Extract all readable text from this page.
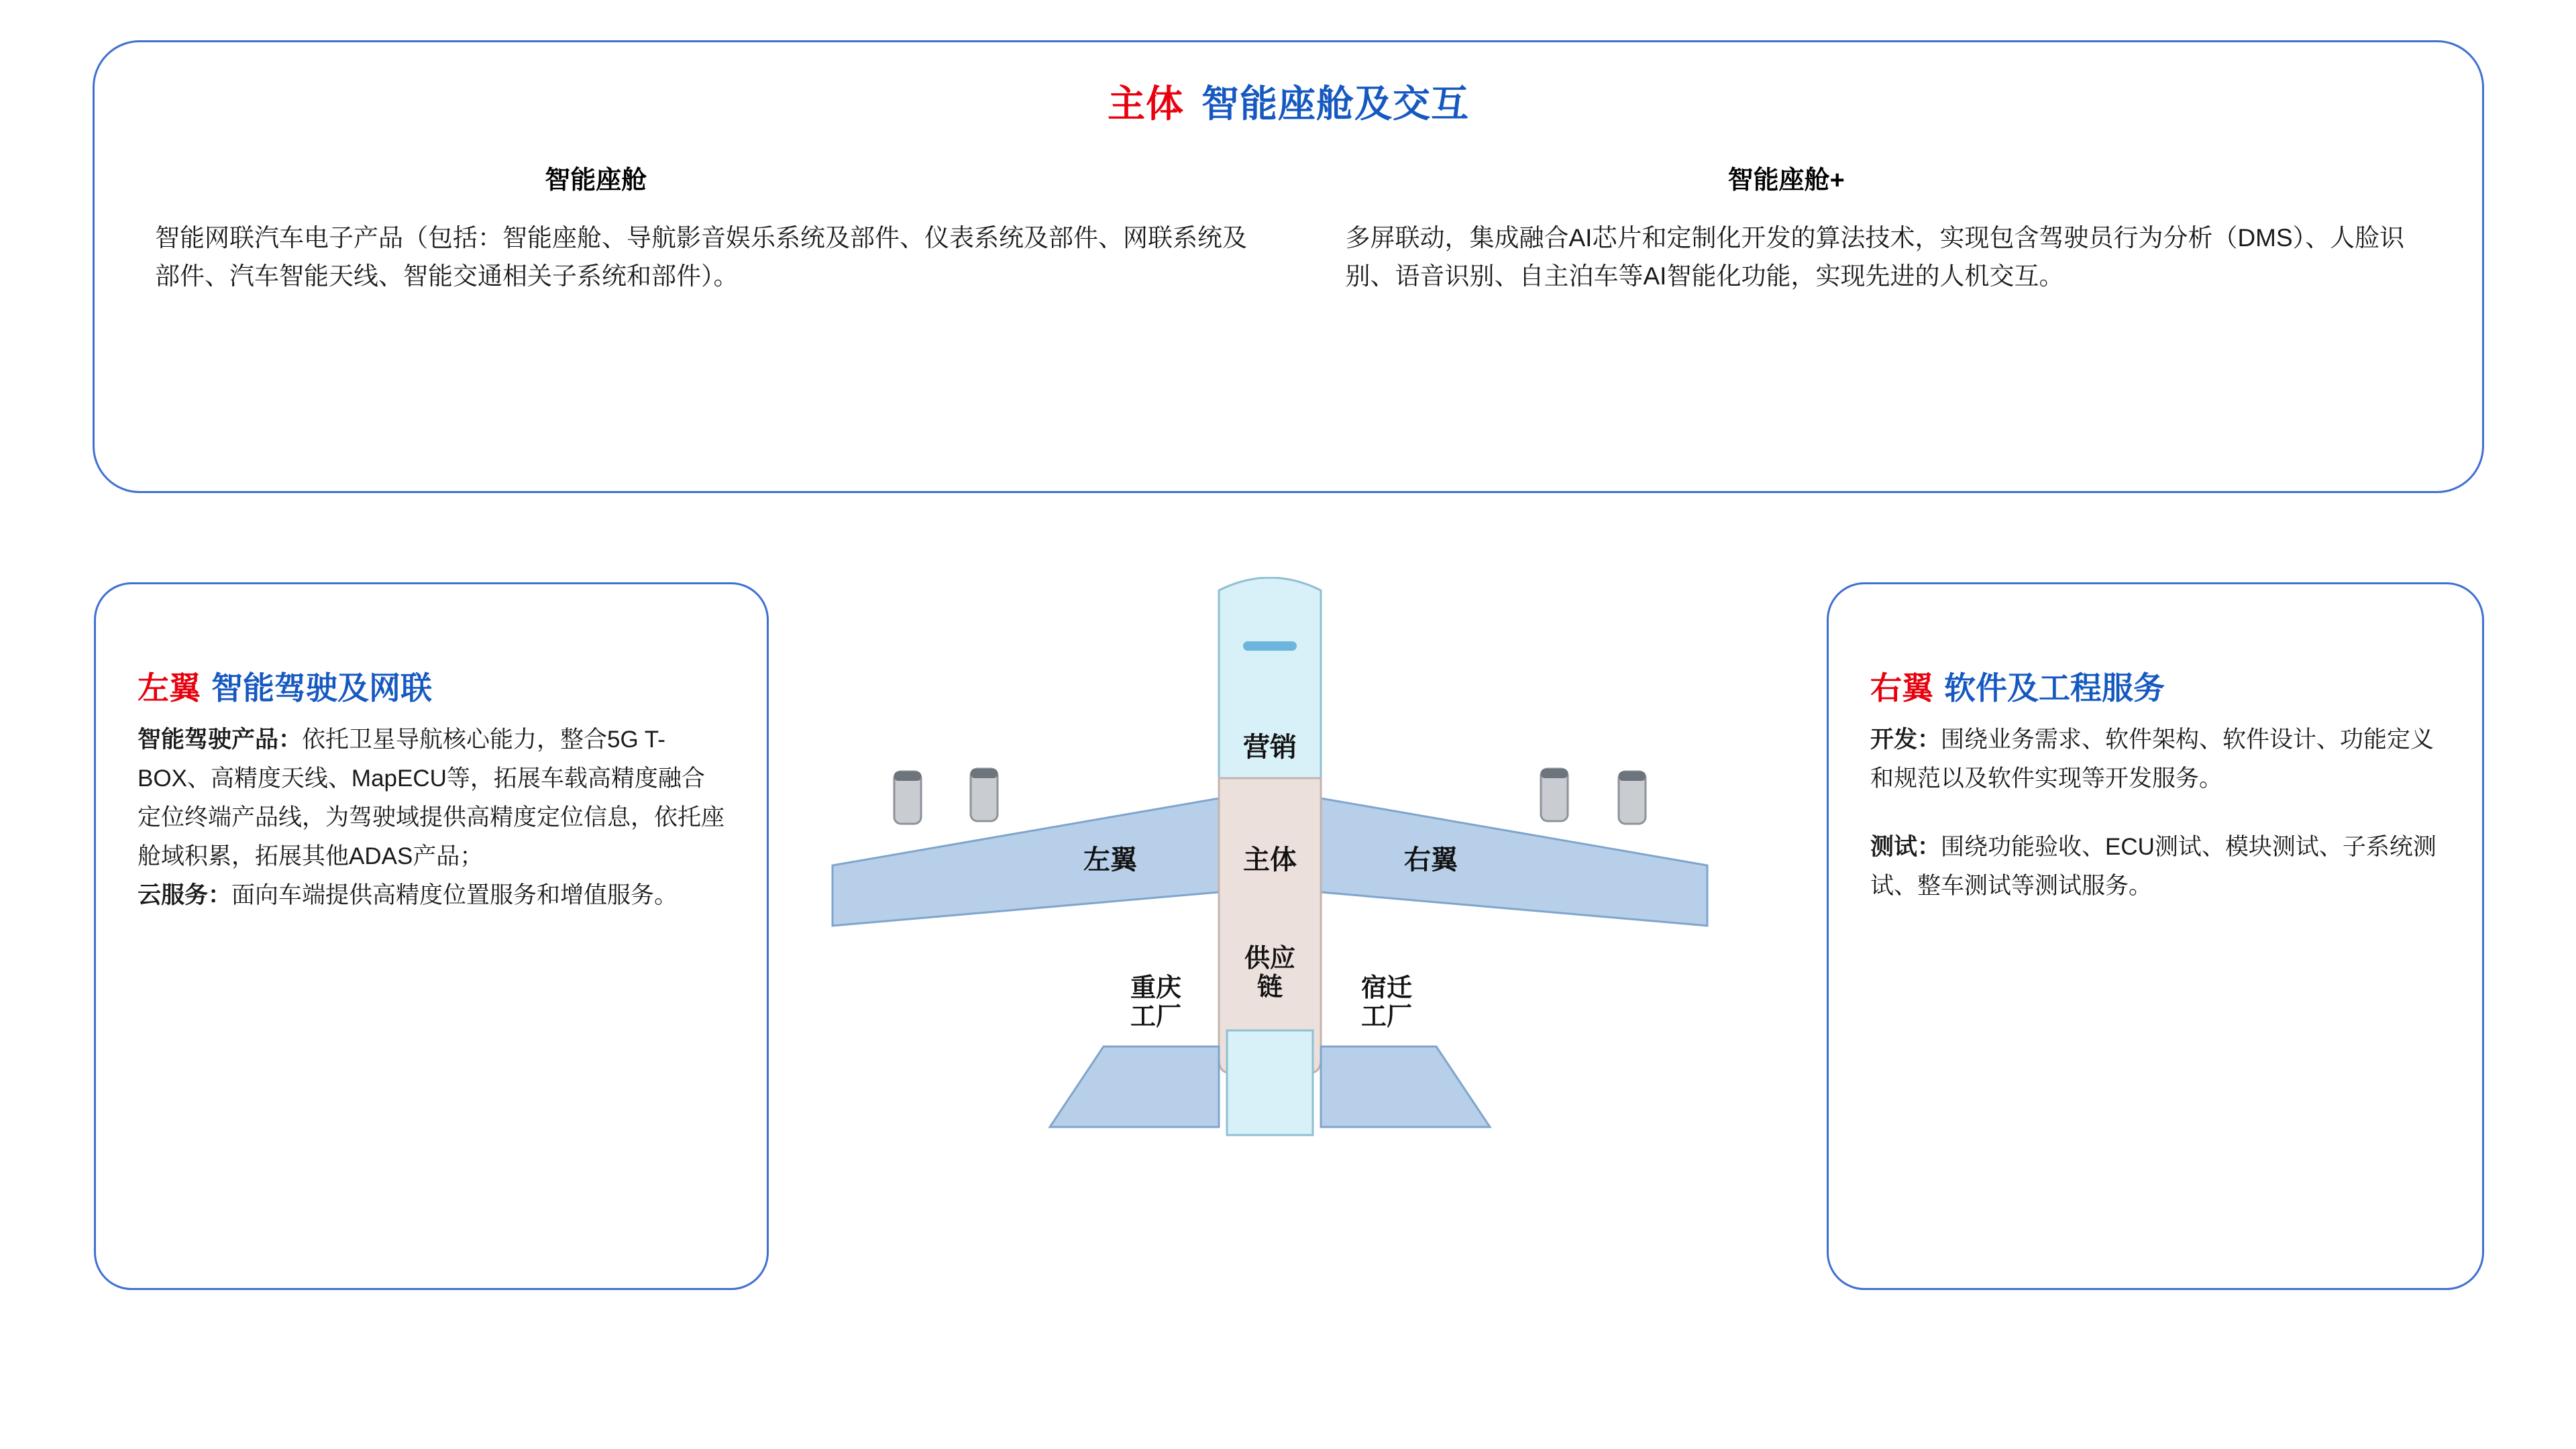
主体 智能座舱及交互
智能座舱
智能网联汽车电子产品（包括：智能座舱、导航影音娱乐系统及部件、仪表系统及部件、网联系统及部件、汽车智能天线、智能交通相关子系统和部件）。
智能座舱+
多屏联动，集成融合AI芯片和定制化开发的算法技术，实现包含驾驶员行为分析（DMS）、人脸识别、语音识别、自主泊车等AI智能化功能，实现先进的人机交互。
左翼 智能驾驶及网联
智能驾驶产品：依托卫星导航核心能力，整合5G T-BOX、高精度天线、MapECU等，拓展车载高精度融合定位终端产品线，为驾驶域提供高精度定位信息，依托座舱域积累，拓展其他ADAS产品；
云服务：面向车端提供高精度位置服务和增值服务。
右翼 软件及工程服务
开发：围绕业务需求、软件架构、软件设计、功能定义和规范以及软件实现等开发服务。
测试：围绕功能验收、ECU测试、模块测试、子系统测试、整车测试等测试服务。
营销
左翼	主体	右翼
供应
链
重庆
工厂
宿迁
工厂
